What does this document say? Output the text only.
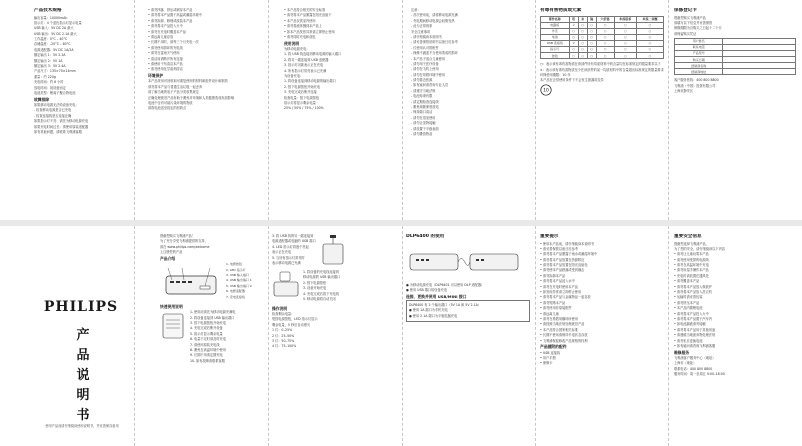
产品技术规格

输出容量：10000mAh

指示灯：4 个蓝色指示灯显示电量

USB 输入：5V DC 2A 最大

USB 输出：5V DC 2.1A 最大

工作温度：0°C – 40°C

存储温度：-20°C – 60°C

电源适配器：5V DC 1A/2A

额定输出 1：5V 2.1A

额定输出 2：5V 1A

额定输出 3：5V 2.4A

产品尺寸：135×70×14mm

重量：约 220g

充电时间：约 6 小时

放电时间：视设备而定

电池类型：锂离子聚合物电池

故障排除

如果移动电源无法给设备充电：

- 检查移动电源是否已充电

- 检查连接线是否连接正确

如果指示灯不亮：请先为移动电源充电

如果充电时间过长：请使用原装适配器

如有其他问题，请联系飞利浦客服

• 请勿摔落、挤压或刺穿本产品

• 请勿将本产品置于高温或潮湿环境中

• 请勿拆卸、修理或改装本产品

• 请勿将本产品投入火中

• 请勿在充电时覆盖本产品

• 请远离儿童存放

• 长期不用时，请每三个月充电一次

• 请勿使用损坏的充电线

• 请勿在雷雨天气使用

• 清洁前请断开所有连接

• 请使用干布清洁本产品

• 请勿使用化学溶剂清洁

环境保护

本产品采用可回收和可重复使用的材料和组件设计和制造

请勿将本产品与普通生活垃圾一起丢弃

请了解当地的电子产品分类收集规定

正确处理废旧产品有助于避免对环境和人类健康造成负面影响

电池中含有可能污染环境的物质

请将电池送至指定的回收点

• 本产品符合相关的安全标准

• 请勿将本产品暴露在阳光直射下

• 本产品仅供室内使用

• 请勿将液体溅到本产品上

• 如本产品发热异常请立即停止使用

• 请勿同时充电和放电

使用说明

为移动电源充电：

1. 将 USB 线连接到移动电源的输入端口

2. 将另一端连接到 USB 适配器

3. 指示灯闪烁表示正在充电

4. 所有指示灯常亮表示已充满

为设备充电：

1. 将设备连接到移动电源的输出端口

2. 按下电源按钮开始充电

3. 充电完成后断开连接

检查电量：按下电源按钮

指示灯将显示剩余电量

25% / 50% / 75% / 100%

注意：

- 首次使用前，请将移动电源充满

- 充电期间移动电源会轻微发热

- 此为正常现象

安全注意事项

- 请仔细阅读本说明书

- 请妥善保管说明书以备日后参考

- 仅使用认可的配件

- 保修不涵盖不当使用造成的损坏

- 本产品不适合儿童使用

- 请勿用于医疗设备

- 请勿在飞机上使用

- 请勿在易燃环境中使用

- 请勿靠近热源

- 如有疑问请咨询专业人员

- 请遵守当地法规

- 电池寿命有限

- 请定期检查连接线

- 避免频繁深度放电

- 保持端口清洁

- 请勿在浴室使用

- 请勿让宠物接触

- 请放置于平稳表面

- 请勿叠放物品

有毒有害物质或元素
部件名称	铅	汞	镉	六价铬	多溴联苯	多溴二苯醚
电路板	×	○	○	○	○	○
外壳	○	○	○	○	○	○
电池	○	○	○	○	○	○
USB 连接线	×	○	○	○	○	○
指示灯	○	○	○	○	○	○
按钮	○	○	○	○	○	○

○：表示该有毒有害物质在该部件所有均质材料中的含量均在标准规定的限量要求以下

×：表示该有毒有害物质至少在该部件的某一均质材料中的含量超出标准规定的限量要求

环保使用期限：10 年

本产品在正常使用条件下不会发生泄漏或变异

10
保修登记卡

感谢您购买飞利浦产品

请填写以下信息并妥善保管

保修期限为自购买之日起十二个月

请保留购买凭证

用户姓名	
联系电话	
产品型号	
购买日期	
经销商名称	
经销商地址	

客户服务热线：400 800 8800

飞利浦（中国）投资有限公司

上海市静安区

PHILIPS
产
品
说
明
书
使用产品前请仔细阅读使用说明书，并妥善保存备用

感谢您购买飞利浦产品！

为了充分享受飞利浦提供的支持，

请在 www.philips.com/welcome

上注册您的产品

产品介绍

1. 电源按钮

2. LED 指示灯

3. USB 输入端口

4. USB 输出端口 1

5. USB 输出端口 2

6. 电源适配器

7. 充电连接线

快速使用说明

1. 使用前请先为移动电源充满电

2. 将设备连接到 USB 输出端口

3. 按下电源按钮开始充电

4. 充电完成后断开设备

5. 指示灯显示剩余电量

6. 电量不足时请及时充电

7. 请使用原装充电线

8. 避免在高温环境中使用

9. 长期不用请定期充电

10. 如有故障请联系客服

3. 将 USB 线的另一端连接到

电源适配器或电脑的 USB 端口

4. LED 指示灯将逐个亮起

表示正在充电

5. 当所有指示灯常亮时

表示移动电源已充满

1. 将设备的充电线连接到

移动电源的 USB 输出端口

2. 按下电源按钮

3. 设备开始充电

4. 充电完成后拔下充电线

5. 移动电源将自动关闭

操作说明

检查剩余电量：

短按电源按钮，LED 指示灯显示

剩余电量，5 秒后自动熄灭

1 灯：0–25%

2 灯：25–50%

3 灯：50–75%

4 灯：75–100%

DLP6400 的使用

● 为移动电源充电（DLP6401 可以使用 DLP 适配器）

● 使用 USB 端口给设备充电

连接、更换并使用 USB/MINI 接口

DLP6400 有 2 个输出端口（5V 1A 和 5V 2.1A）

● 使用 1A 端口为手机充电

● 使用 2.1A 端口为平板电脑充电

重要提示

• 使用本产品前，请仔细阅读本说明书

• 请妥善保管以备日后参考

• 请勿将本产品暴露于雨水或潮湿环境中

• 请勿将本产品放置在热源附近

• 请勿将本产品放置在阳光直射处

• 请勿使本产品跌落或受到撞击

• 请勿拆卸本产品

• 请勿将本产品浸入水中

• 请勿在充电时使用本产品

• 如发现异常请立即停止使用

• 请勿将本产品与金属物品一起存放

• 请勿短路本产品

• 请勿使用非原装配件

• 请远离儿童

• 请勿在易燃易爆场所使用

• 请按照当地法规处理废旧产品

• 本产品符合国家相关标准

• 长期不使用请保持半电状态存放

• 飞利浦保留修改产品规格的权利

产品随附的配件

• USB 连接线

• 用户手册

• 保修卡

重要安全信息

感谢您选择飞利浦产品，

为了您的安全，请仔细阅读以下内容

• 请勿让儿童玩耍本产品

• 请勿使用受损的电源线

• 请勿在高温环境中充电

• 请勿用湿手操作本产品

• 充电时请放置在通风处

• 请勿覆盖本产品

• 请勿将本产品放入微波炉

• 请勿将本产品放入洗衣机

• 运输时请妥善包装

• 请勿挤压本产品

• 本产品内置锂电池

• 请勿将本产品投入火中

• 请勿将本产品置于汽车内

• 如电池漏液请勿接触

• 请勿将本产品用于其他用途

• 请遵循当地废弃物处理法规

• 请勿私自更换电池

• 如有疑问请咨询飞利浦客服

维修服务

飞利浦客户服务中心（地址）

上海市（地址）

联系电话：400 800 8800

服务时间：周一至周五 9:00–18:00
